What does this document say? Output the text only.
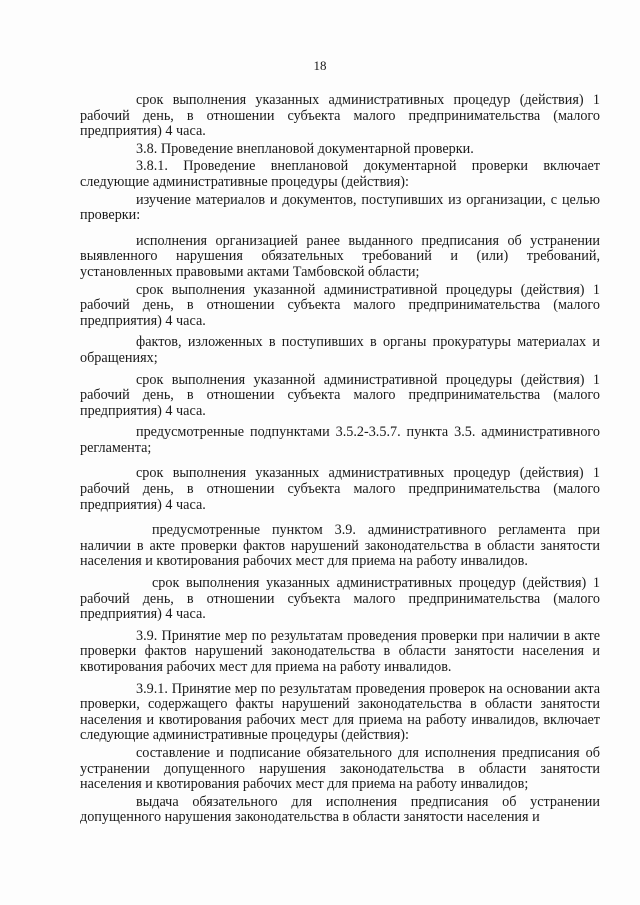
18

срок выполнения указанных административных процедур (действия) 1 рабочий день, в отношении субъекта малого предпринимательства (малого предприятия) 4 часа.

3.8. Проведение внеплановой документарной проверки.

3.8.1. Проведение внеплановой документарной проверки включает следующие административные процедуры (действия):

изучение материалов и документов, поступивших из организации, с целью проверки:

исполнения организацией ранее выданного предписания об устранении выявленного нарушения обязательных требований и (или) требований, установленных правовыми актами Тамбовской области;

срок выполнения указанной административной процедуры (действия) 1 рабочий день, в отношении субъекта малого предпринимательства (малого предприятия) 4 часа.

фактов, изложенных в поступивших в органы прокуратуры материалах и обращениях;

срок выполнения указанной административной процедуры (действия) 1 рабочий день, в отношении субъекта малого предпринимательства (малого предприятия) 4 часа.

предусмотренные подпунктами 3.5.2-3.5.7. пункта 3.5. административного регламента;

срок выполнения указанных административных процедур (действия) 1 рабочий день, в отношении субъекта малого предпринимательства (малого предприятия) 4 часа.

предусмотренные пунктом 3.9. административного регламента при наличии в акте проверки фактов нарушений законодательства в области занятости населения и квотирования рабочих мест для приема на работу инвалидов.

срок выполнения указанных административных процедур (действия) 1 рабочий день, в отношении субъекта малого предпринимательства (малого предприятия) 4 часа.

3.9. Принятие мер по результатам проведения проверки при наличии в акте проверки фактов нарушений законодательства в области занятости населения и квотирования рабочих мест для приема на работу инвалидов.

3.9.1. Принятие мер по результатам проведения проверок на основании акта проверки, содержащего факты нарушений законодательства в области занятости населения и квотирования рабочих мест для приема на работу инвалидов, включает следующие административные процедуры (действия):

составление и подписание обязательного для исполнения предписания об устранении допущенного нарушения законодательства в области занятости населения и квотирования рабочих мест для приема на работу инвалидов;

выдача обязательного для исполнения предписания об устранении допущенного нарушения законодательства в области занятости населения и
